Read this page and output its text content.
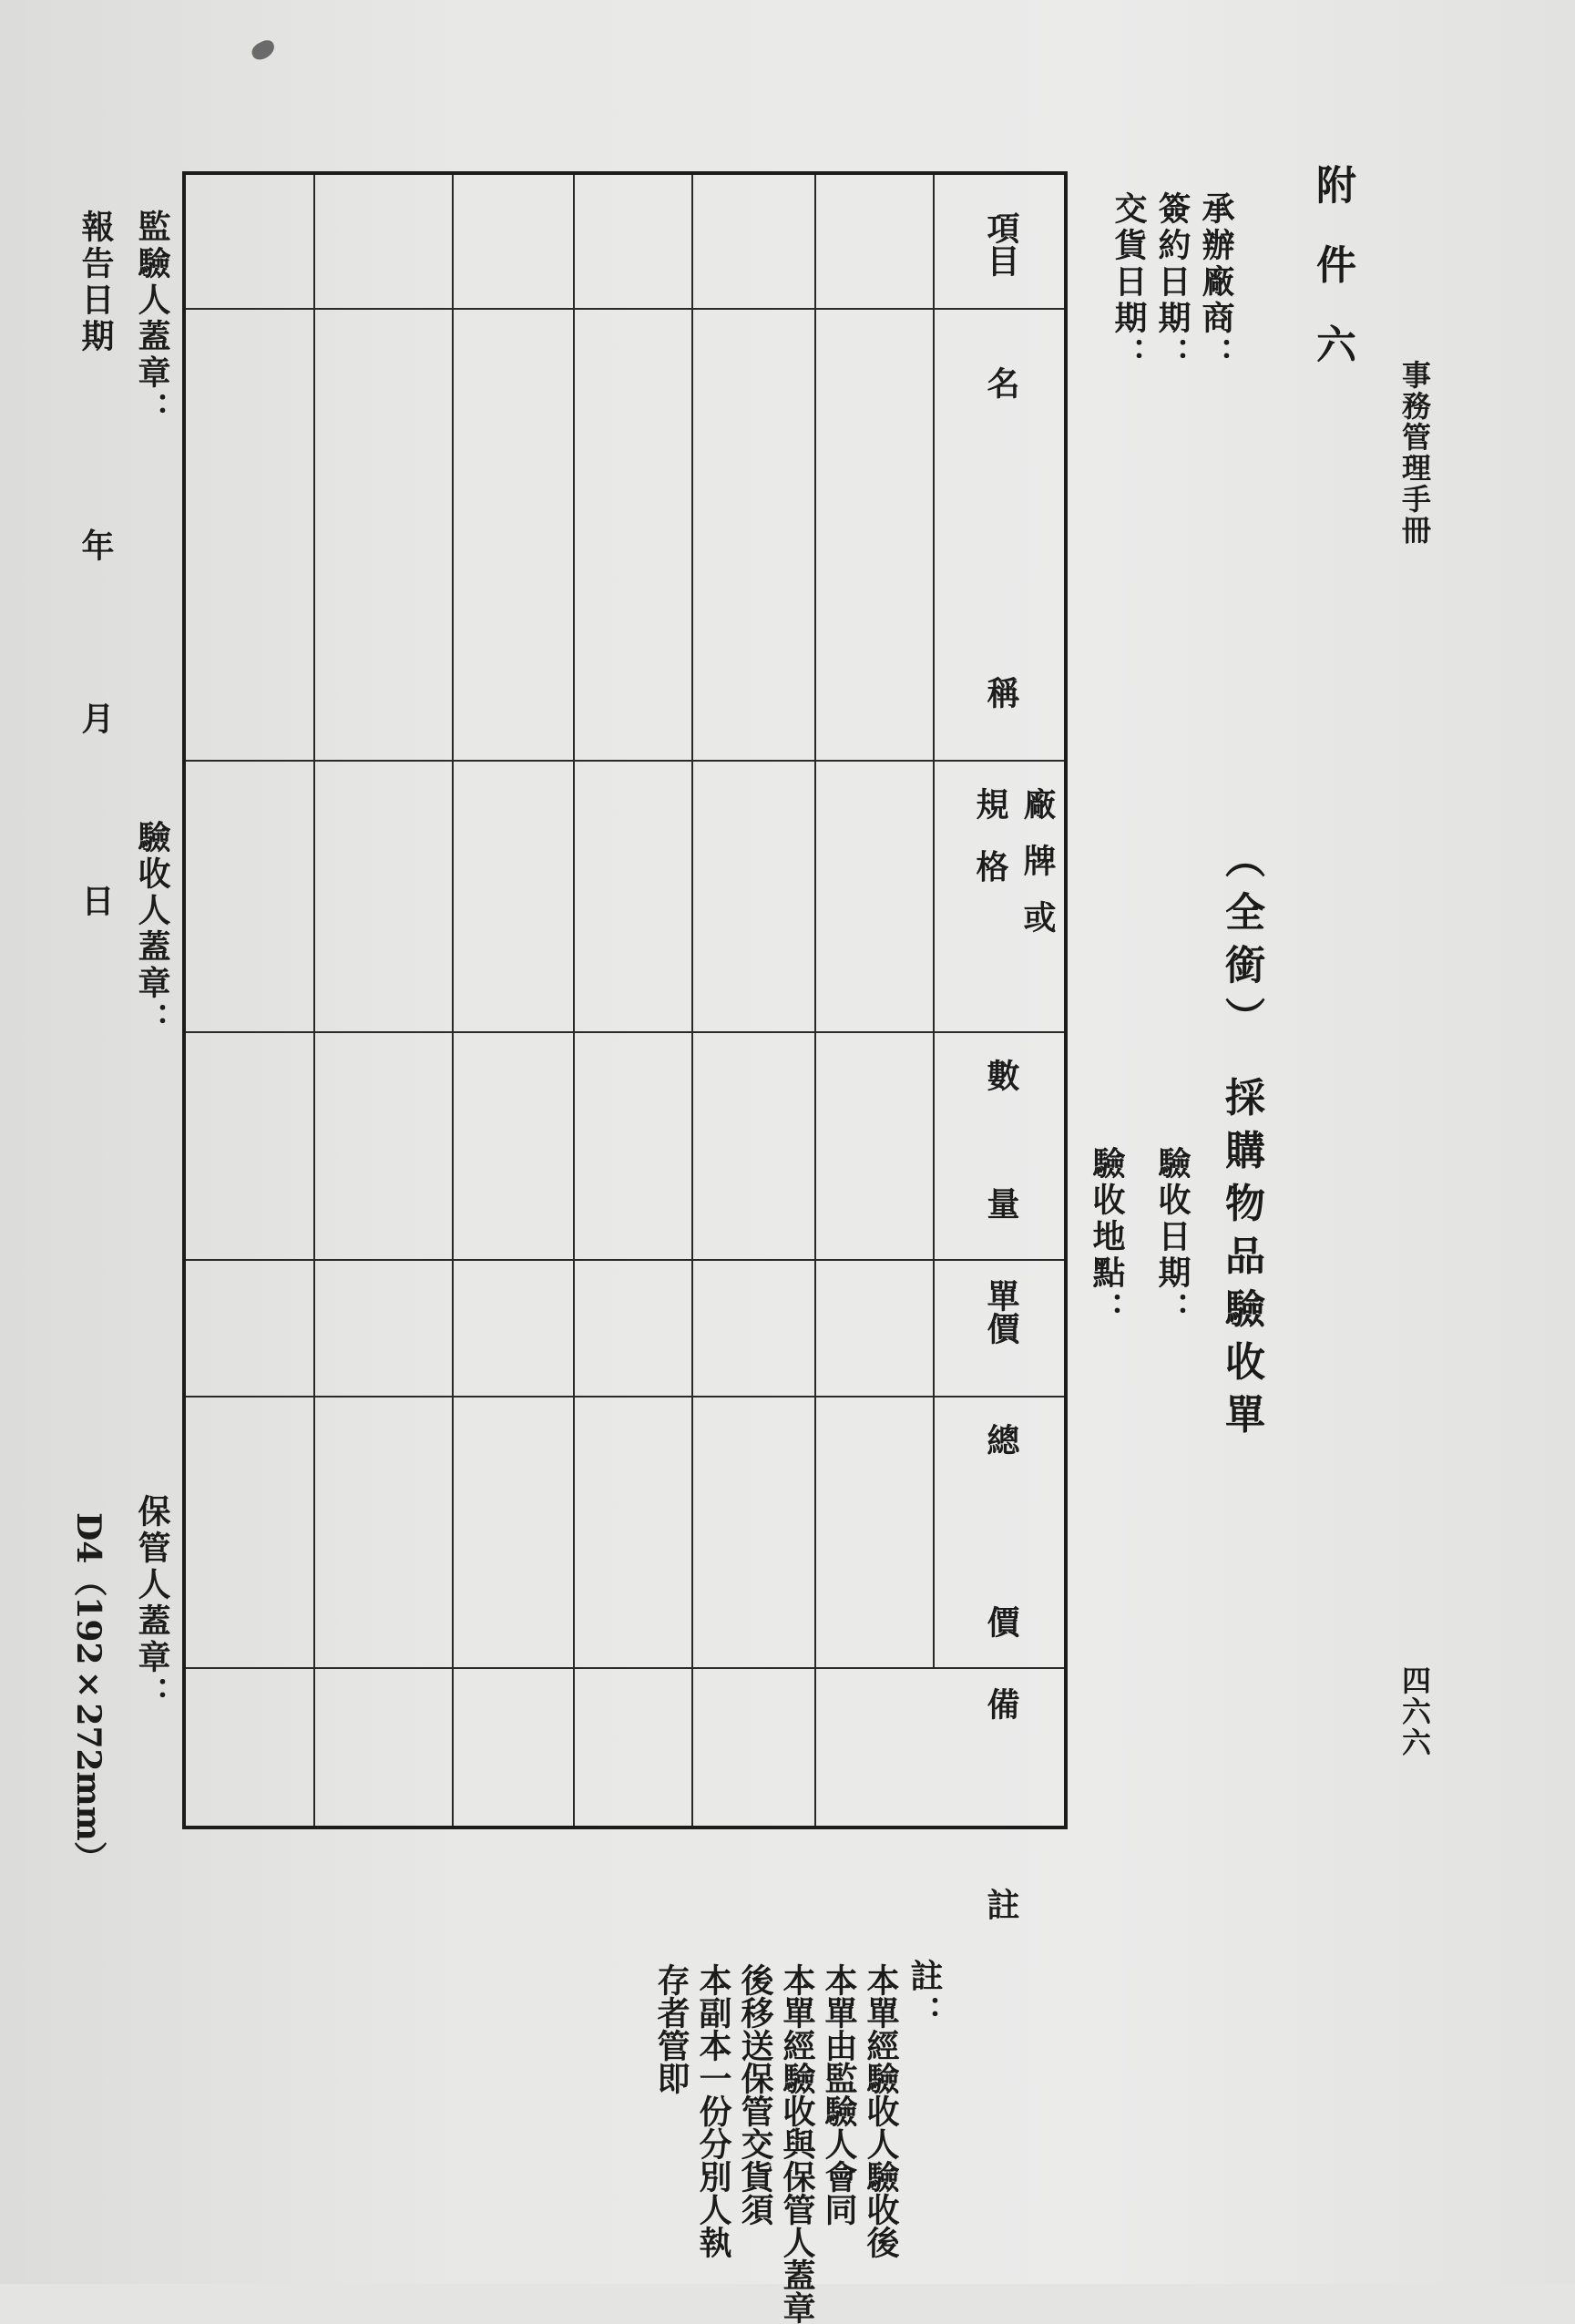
事務管理手冊
四六六
附 件 六
（全銜） 採購物品驗收單
承辦廠商：
簽約日期：
交貨日期：
驗收日期：
驗收地點：
項目
名
稱
廠牌或
規 格
數 量
單價
總
價
備
註
註：
本單經驗收人驗收後
本單由監驗人會同
本單經驗收與保管人蓋章
後移送保管交貨須
本副本一份分別人執
存者管即
監驗人蓋章：
驗收人蓋章：
保管人蓋章：
報告日期
年
月
日
D4（192×272mm）
